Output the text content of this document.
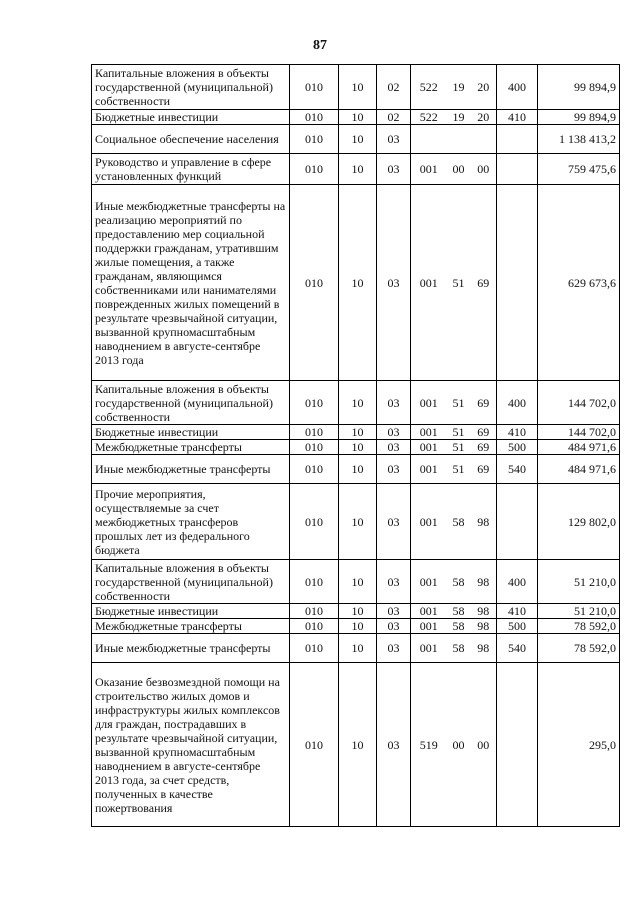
87
Капитальные вложения в объекты государственной (муниципальной) собственности	010	10	02	522	19	20	400	99 894,9
Бюджетные инвестиции	010	10	02	522	19	20	410	99 894,9
Социальное обеспечение населения	010	10	03					1 138 413,2
Руководство и управление в сфере установленных функций	010	10	03	001	00	00		759 475,6
Иные межбюджетные трансферты на реализацию мероприятий по предоставлению мер социальной поддержки гражданам, утратившим жилые помещения, а также гражданам, являющимся собственниками или нанимателями поврежденных жилых помещений в результате чрезвычайной ситуации, вызванной крупномасштабным наводнением в августе-сентябре 2013 года	010	10	03	001	51	69		629 673,6
Капитальные вложения в объекты государственной (муниципальной) собственности	010	10	03	001	51	69	400	144 702,0
Бюджетные инвестиции	010	10	03	001	51	69	410	144 702,0
Межбюджетные трансферты	010	10	03	001	51	69	500	484 971,6
Иные межбюджетные трансферты	010	10	03	001	51	69	540	484 971,6
Прочие мероприятия, осуществляемые за счет межбюджетных трансферов прошлых лет из федерального бюджета	010	10	03	001	58	98		129 802,0
Капитальные вложения в объекты государственной (муниципальной) собственности	010	10	03	001	58	98	400	51 210,0
Бюджетные инвестиции	010	10	03	001	58	98	410	51 210,0
Межбюджетные трансферты	010	10	03	001	58	98	500	78 592,0
Иные межбюджетные трансферты	010	10	03	001	58	98	540	78 592,0
Оказание безвозмездной помощи на строительство жилых домов и инфраструктуры жилых комплексов для граждан, пострадавших в результате чрезвычайной ситуации, вызванной крупномасштабным наводнением в августе-сентябре 2013 года, за счет средств, полученных в качестве пожертвования	010	10	03	519	00	00		295,0
